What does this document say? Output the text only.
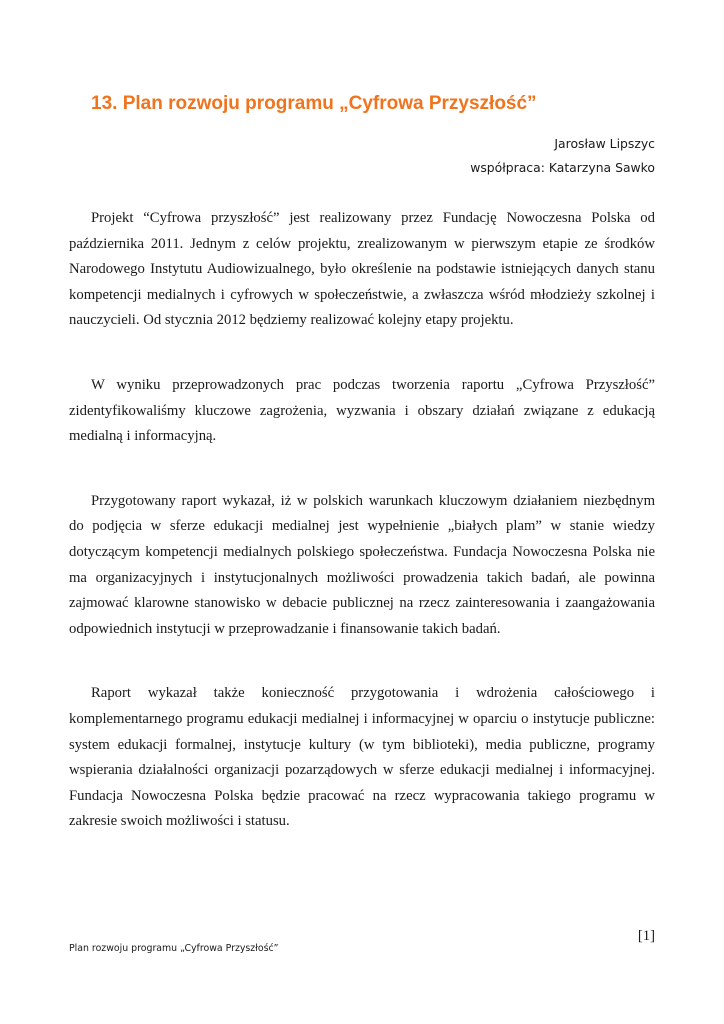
13. Plan rozwoju programu „Cyfrowa Przyszłość”
Jarosław Lipszyc
współpraca: Katarzyna Sawko

Projekt “Cyfrowa przyszłość” jest realizowany przez Fundację Nowoczesna Polska od października 2011. Jednym z celów projektu, zrealizowanym w pierwszym etapie ze środków Narodowego Instytutu Audiowizualnego, było określenie na podstawie istniejących danych stanu kompetencji medialnych i cyfrowych w społeczeństwie, a zwłaszcza wśród młodzieży szkolnej i nauczycieli. Od stycznia 2012 będziemy realizować kolejny etapy projektu.

W wyniku przeprowadzonych prac podczas tworzenia raportu „Cyfrowa Przyszłość” zidentyfikowaliśmy kluczowe zagrożenia, wyzwania i obszary działań związane z edukacją medialną i informacyjną.

Przygotowany raport wykazał, iż w polskich warunkach kluczowym działaniem niezbędnym do podjęcia w sferze edukacji medialnej jest wypełnienie „białych plam” w stanie wiedzy dotyczącym kompetencji medialnych polskiego społeczeństwa. Fundacja Nowoczesna Polska nie ma organizacyjnych i instytucjonalnych możliwości prowadzenia takich badań, ale powinna zajmować klarowne stanowisko w debacie publicznej na rzecz zainteresowania i zaangażowania odpowiednich instytucji w przeprowadzanie i finansowanie takich badań.

Raport wykazał także konieczność przygotowania i wdrożenia całościowego i komplementarnego programu edukacji medialnej i informacyjnej w oparciu o instytucje publiczne: system edukacji formalnej, instytucje kultury (w tym biblioteki), media publiczne, programy wspierania działalności organizacji pozarządowych w sferze edukacji medialnej i informacyjnej. Fundacja Nowoczesna Polska będzie pracować na rzecz wypracowania takiego programu w zakresie swoich możliwości i statusu.

[1]
Plan rozwoju programu „Cyfrowa Przyszłość”
